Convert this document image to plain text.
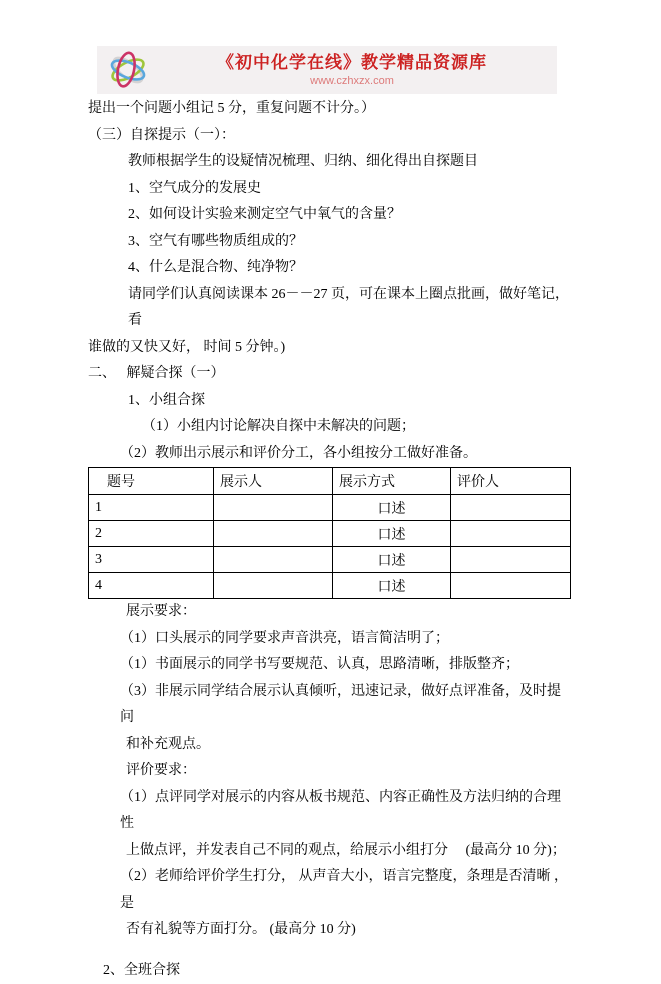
《初中化学在线》教学精品资源库
www.czhxzx.com
提出一个问题小组记 5 分，重复问题不计分。）
（三）自探提示（一）：
教师根据学生的设疑情况梳理、归纳、细化得出自探题目
1、空气成分的发展史
2、如何设计实验来测定空气中氧气的含量？
3、空气有哪些物质组成的？
4、什么是混合物、纯净物？
请同学们认真阅读课本 26－－27 页，可在课本上圈点批画，做好笔记，看
谁做的又快又好， 时间 5 分钟。)
二、　 解疑合探（一）
1、小组合探
（1）小组内讨论解决自探中未解决的问题；
（2）教师出示展示和评价分工，各小组按分工做好准备。
题号	展示人	展示方式	评价人
1		口述	
2		口述	
3		口述	
4		口述	
展示要求：
（1）口头展示的同学要求声音洪亮，语言简洁明了；
（1）书面展示的同学书写要规范、认真，思路清晰，排版整齐；
（3）非展示同学结合展示认真倾听，迅速记录，做好点评准备，及时提问
和补充观点。
评价要求：
（1）点评同学对展示的内容从板书规范、内容正确性及方法归纳的合理性
上做点评，并发表自己不同的观点，给展示小组打分　 (最高分 10 分)；
（2）老师给评价学生打分， 从声音大小，语言完整度，条理是否清晰 ，是
否有礼貌等方面打分。 (最高分 10 分)
2、全班合探
